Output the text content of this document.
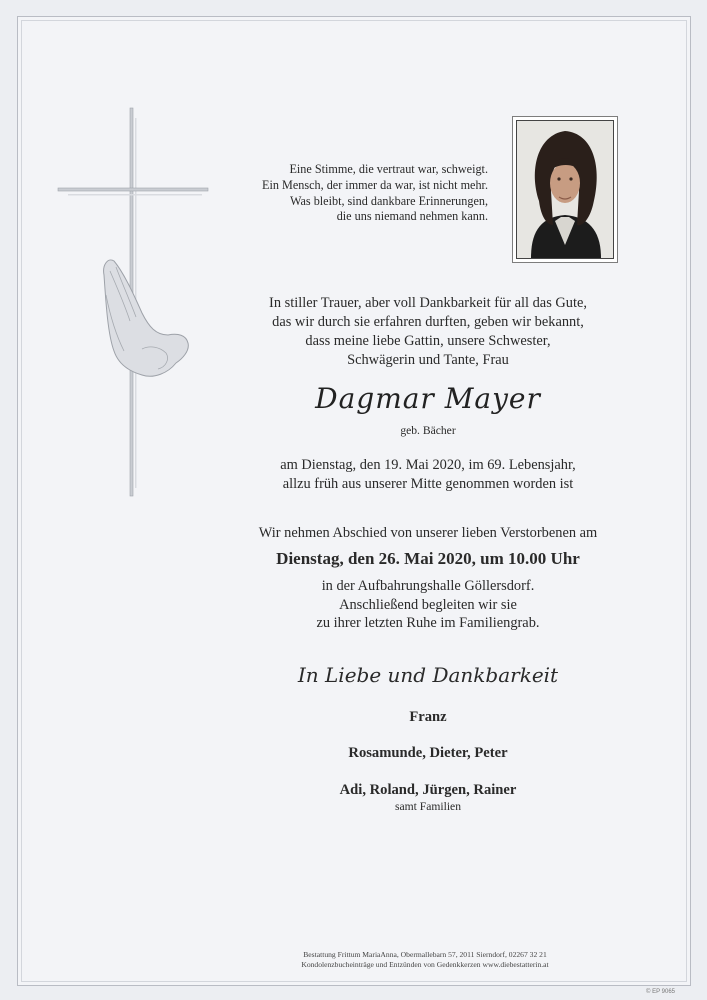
Eine Stimme, die vertraut war, schweigt.
Ein Mensch, der immer da war, ist nicht mehr.
Was bleibt, sind dankbare Erinnerungen,
die uns niemand nehmen kann.
In stiller Trauer, aber voll Dankbarkeit für all das Gute,
das wir durch sie erfahren durften, geben wir bekannt,
dass meine liebe Gattin, unsere Schwester,
Schwägerin und Tante, Frau
Dagmar Mayer
geb. Bächer
am Dienstag, den 19. Mai 2020, im 69. Lebensjahr,
allzu früh aus unserer Mitte genommen worden ist
Wir nehmen Abschied von unserer lieben Verstorbenen am
Dienstag, den 26. Mai 2020, um 10.00 Uhr
in der Aufbahrungshalle Göllersdorf.
Anschließend begleiten wir sie
zu ihrer letzten Ruhe im Familiengrab.
In Liebe und Dankbarkeit
Franz
Rosamunde, Dieter, Peter
Adi, Roland, Jürgen, Rainer
samt Familien
Bestattung Frittum MariaAnna, Obermallebarn 57, 2011 Sierndorf, 02267 32 21
Kondolenzbucheinträge und Entzünden von Gedenkkerzen www.diebestatterin.at
© EP 9065
